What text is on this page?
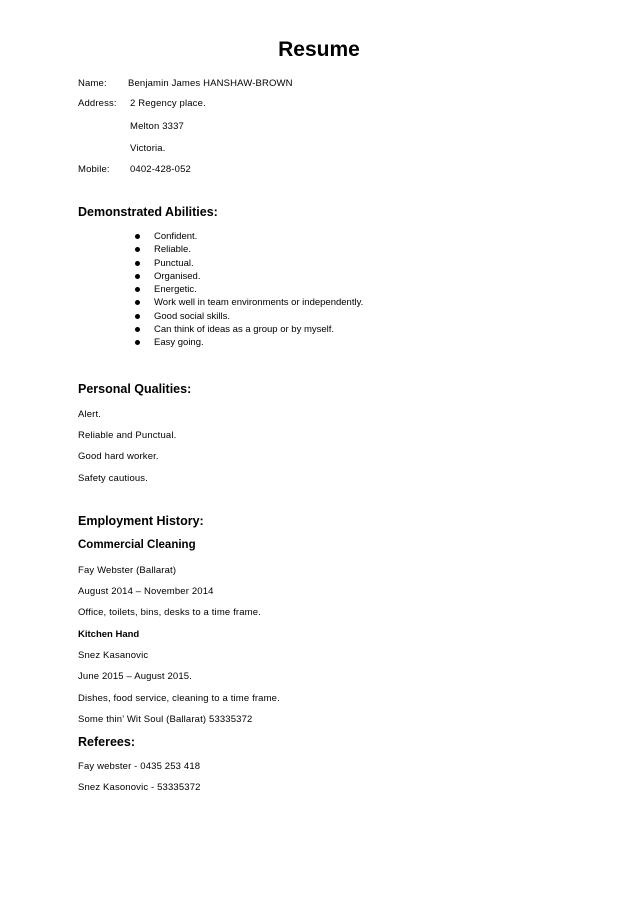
Resume
Name: Benjamin James HANSHAW-BROWN
Address: 2 Regency place.
Melton 3337
Victoria.
Mobile: 0402-428-052
Demonstrated Abilities:
Confident.
Reliable.
Punctual.
Organised.
Energetic.
Work well in team environments or independently.
Good social skills.
Can think of ideas as a group or by myself.
Easy going.
Personal Qualities:
Alert.
Reliable and Punctual.
Good hard worker.
Safety cautious.
Employment History:
Commercial Cleaning
Fay Webster (Ballarat)
August 2014 – November 2014
Office, toilets, bins, desks to a time frame.
Kitchen Hand
Snez Kasanovic
June 2015 – August 2015.
Dishes, food service, cleaning to a time frame.
Some thin’ Wit Soul (Ballarat) 53335372
Referees:
Fay webster - 0435 253 418
Snez Kasonovic - 53335372
